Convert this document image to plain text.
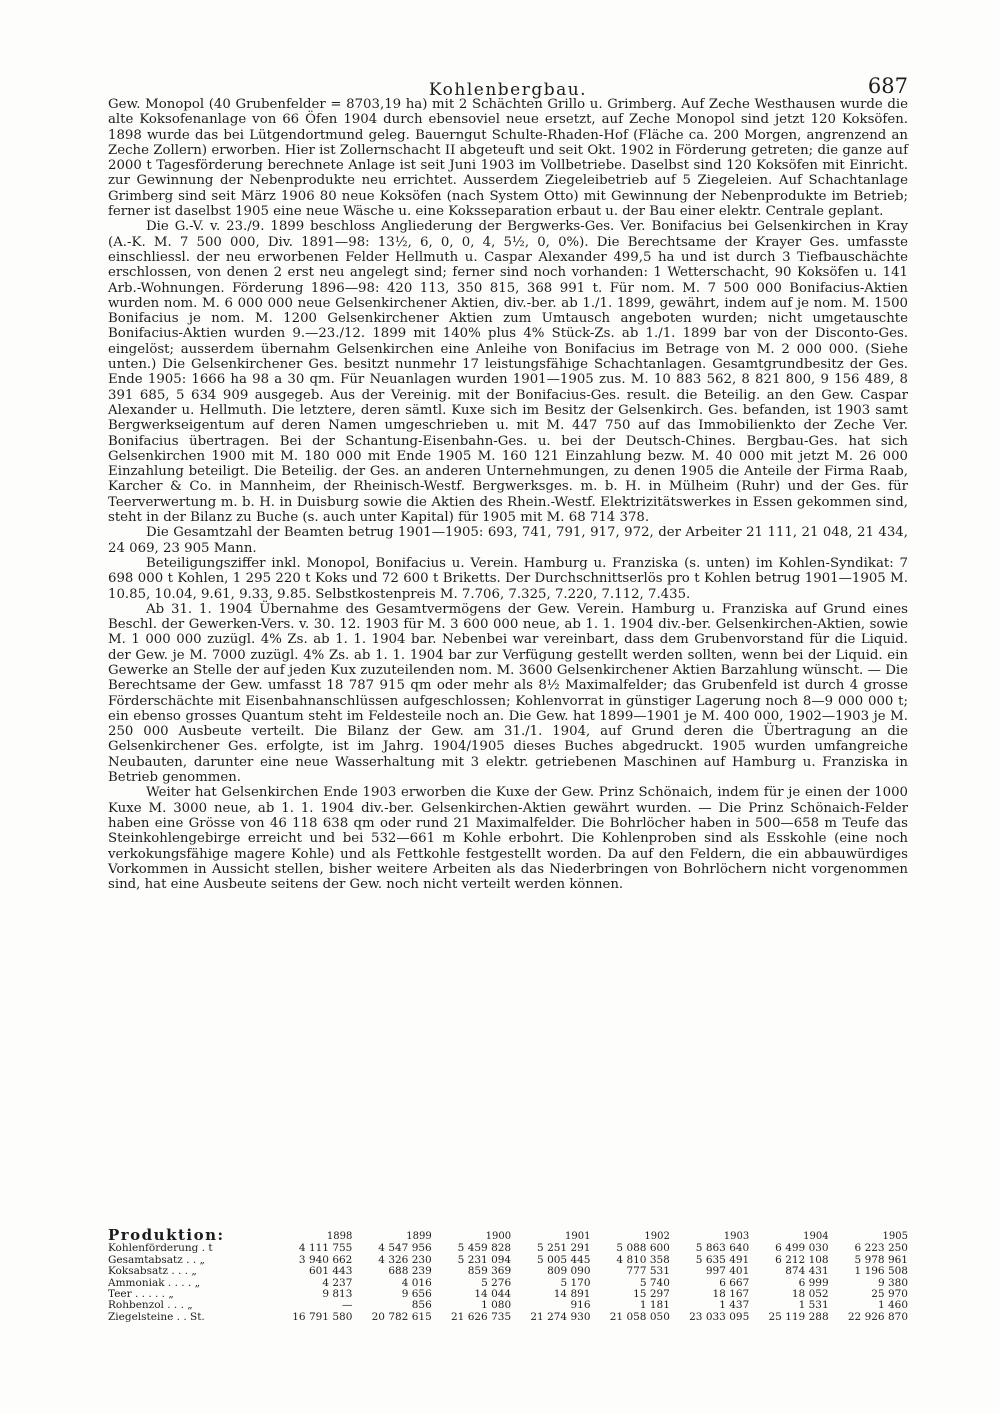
Kohlenbergbau.	687

Gew. Monopol (40 Grubenfelder = 8703,19 ha) mit 2 Schächten Grillo u. Grimberg. Auf Zeche Westhausen wurde die alte Koksofenanlage von 66 Öfen 1904 durch ebensoviel neue ersetzt, auf Zeche Monopol sind jetzt 120 Koksöfen. 1898 wurde das bei Lütgendortmund geleg. Bauerngut Schulte-Rhaden-Hof (Fläche ca. 200 Morgen, angrenzend an Zeche Zollern) erworben. Hier ist Zollernschacht II abgeteuft und seit Okt. 1902 in Förderung getreten; die ganze auf 2000 t Tagesförderung berechnete Anlage ist seit Juni 1903 im Vollbetriebe. Daselbst sind 120 Koksöfen mit Einricht. zur Gewinnung der Nebenprodukte neu errichtet. Ausserdem Ziegeleibetrieb auf 5 Ziegeleien. Auf Schachtanlage Grimberg sind seit März 1906 80 neue Koksöfen (nach System Otto) mit Gewinnung der Nebenprodukte im Betrieb; ferner ist daselbst 1905 eine neue Wäsche u. eine Koksseparation erbaut u. der Bau einer elektr. Centrale geplant.

Die G.-V. v. 23./9. 1899 beschloss Angliederung der Bergwerks-Ges. Ver. Bonifacius bei Gelsenkirchen in Kray (A.-K. M. 7 500 000, Div. 1891—98: 13½, 6, 0, 0, 4, 5½, 0, 0%). Die Berechtsame der Krayer Ges. umfasste einschliessl. der neu erworbenen Felder Hellmuth u. Caspar Alexander 499,5 ha und ist durch 3 Tiefbauschächte erschlossen, von denen 2 erst neu angelegt sind; ferner sind noch vorhanden: 1 Wetterschacht, 90 Koksöfen u. 141 Arb.-Wohnungen. Förderung 1896—98: 420 113, 350 815, 368 991 t. Für nom. M. 7 500 000 Bonifacius-Aktien wurden nom. M. 6 000 000 neue Gelsenkirchener Aktien, div.-ber. ab 1./1. 1899, gewährt, indem auf je nom. M. 1500 Bonifacius je nom. M. 1200 Gelsenkirchener Aktien zum Umtausch angeboten wurden; nicht umgetauschte Bonifacius-Aktien wurden 9.—23./12. 1899 mit 140% plus 4% Stück-Zs. ab 1./1. 1899 bar von der Disconto-Ges. eingelöst; ausserdem übernahm Gelsenkirchen eine Anleihe von Bonifacius im Betrage von M. 2 000 000. (Siehe unten.) Die Gelsenkirchener Ges. besitzt nunmehr 17 leistungsfähige Schachtanlagen. Gesamtgrundbesitz der Ges. Ende 1905: 1666 ha 98 a 30 qm. Für Neuanlagen wurden 1901—1905 zus. M. 10 883 562, 8 821 800, 9 156 489, 8 391 685, 5 634 909 ausgegeb. Aus der Vereinig. mit der Bonifacius-Ges. result. die Beteilig. an den Gew. Caspar Alexander u. Hellmuth. Die letztere, deren sämtl. Kuxe sich im Besitz der Gelsenkirch. Ges. befanden, ist 1903 samt Bergwerkseigentum auf deren Namen umgeschrieben u. mit M. 447 750 auf das Immobilienkto der Zeche Ver. Bonifacius übertragen. Bei der Schantung-Eisenbahn-Ges. u. bei der Deutsch-Chines. Bergbau-Ges. hat sich Gelsenkirchen 1900 mit M. 180 000 mit Ende 1905 M. 160 121 Einzahlung bezw. M. 40 000 mit jetzt M. 26 000 Einzahlung beteiligt. Die Beteilig. der Ges. an anderen Unternehmungen, zu denen 1905 die Anteile der Firma Raab, Karcher & Co. in Mannheim, der Rheinisch-Westf. Bergwerksges. m. b. H. in Mülheim (Ruhr) und der Ges. für Teerverwertung m. b. H. in Duisburg sowie die Aktien des Rhein.-Westf. Elektrizitätswerkes in Essen gekommen sind, steht in der Bilanz zu Buche (s. auch unter Kapital) für 1905 mit M. 68 714 378.

Die Gesamtzahl der Beamten betrug 1901—1905: 693, 741, 791, 917, 972, der Arbeiter 21 111, 21 048, 21 434, 24 069, 23 905 Mann.

Beteiligungsziffer inkl. Monopol, Bonifacius u. Verein. Hamburg u. Franziska (s. unten) im Kohlen-Syndikat: 7 698 000 t Kohlen, 1 295 220 t Koks und 72 600 t Briketts. Der Durchschnittserlös pro t Kohlen betrug 1901—1905 M. 10.85, 10.04, 9.61, 9.33, 9.85. Selbstkostenpreis M. 7.706, 7.325, 7.220, 7.112, 7.435.

Ab 31. 1. 1904 Übernahme des Gesamtvermögens der Gew. Verein. Hamburg u. Franziska auf Grund eines Beschl. der Gewerken-Vers. v. 30. 12. 1903 für M. 3 600 000 neue, ab 1. 1. 1904 div.-ber. Gelsenkirchen-Aktien, sowie M. 1 000 000 zuzügl. 4% Zs. ab 1. 1. 1904 bar. Nebenbei war vereinbart, dass dem Grubenvorstand für die Liquid. der Gew. je M. 7000 zuzügl. 4% Zs. ab 1. 1. 1904 bar zur Verfügung gestellt werden sollten, wenn bei der Liquid. ein Gewerke an Stelle der auf jeden Kux zuzuteilenden nom. M. 3600 Gelsenkirchener Aktien Barzahlung wünscht. — Die Berechtsame der Gew. umfasst 18 787 915 qm oder mehr als 8½ Maximalfelder; das Grubenfeld ist durch 4 grosse Förderschächte mit Eisenbahnanschlüssen aufgeschlossen; Kohlenvorrat in günstiger Lagerung noch 8—9 000 000 t; ein ebenso grosses Quantum steht im Feldesteile noch an. Die Gew. hat 1899—1901 je M. 400 000, 1902—1903 je M. 250 000 Ausbeute verteilt. Die Bilanz der Gew. am 31./1. 1904, auf Grund deren die Übertragung an die Gelsenkirchener Ges. erfolgte, ist im Jahrg. 1904/1905 dieses Buches abgedruckt. 1905 wurden umfangreiche Neubauten, darunter eine neue Wasserhaltung mit 3 elektr. getriebenen Maschinen auf Hamburg u. Franziska in Betrieb genommen.

Weiter hat Gelsenkirchen Ende 1903 erworben die Kuxe der Gew. Prinz Schönaich, indem für je einen der 1000 Kuxe M. 3000 neue, ab 1. 1. 1904 div.-ber. Gelsenkirchen-Aktien gewährt wurden. — Die Prinz Schönaich-Felder haben eine Grösse von 46 118 638 qm oder rund 21 Maximalfelder. Die Bohrlöcher haben in 500—658 m Teufe das Steinkohlengebirge erreicht und bei 532—661 m Kohle erbohrt. Die Kohlenproben sind als Esskohle (eine noch verkokungsfähige magere Kohle) und als Fettkohle festgestellt worden. Da auf den Feldern, die ein abbauwürdiges Vorkommen in Aussicht stellen, bisher weitere Arbeiten als das Niederbringen von Bohrlöchern nicht vorgenommen sind, hat eine Ausbeute seitens der Gew. noch nicht verteilt werden können.

Produktion:	1898	1899	1900	1901	1902	1903	1904	1905
Kohlenförderung . t	4 111 755	4 547 956	5 459 828	5 251 291	5 088 600	5 863 640	6 499 030	6 223 250
Gesamtabsatz . . „	3 940 662	4 326 230	5 231 094	5 005 445	4 810 358	5 635 491	6 212 108	5 978 961
Koksabsatz . . . „	601 443	688 239	859 369	809 090	777 531	997 401	874 431	1 196 508
Ammoniak . . . . „	4 237	4 016	5 276	5 170	5 740	6 667	6 999	9 380
Teer . . . . . „	9 813	9 656	14 044	14 891	15 297	18 167	18 052	25 970
Rohbenzol . . . „	—	856	1 080	916	1 181	1 437	1 531	1 460
Ziegelsteine . . St.	16 791 580	20 782 615	21 626 735	21 274 930	21 058 050	23 033 095	25 119 288	22 926 870
